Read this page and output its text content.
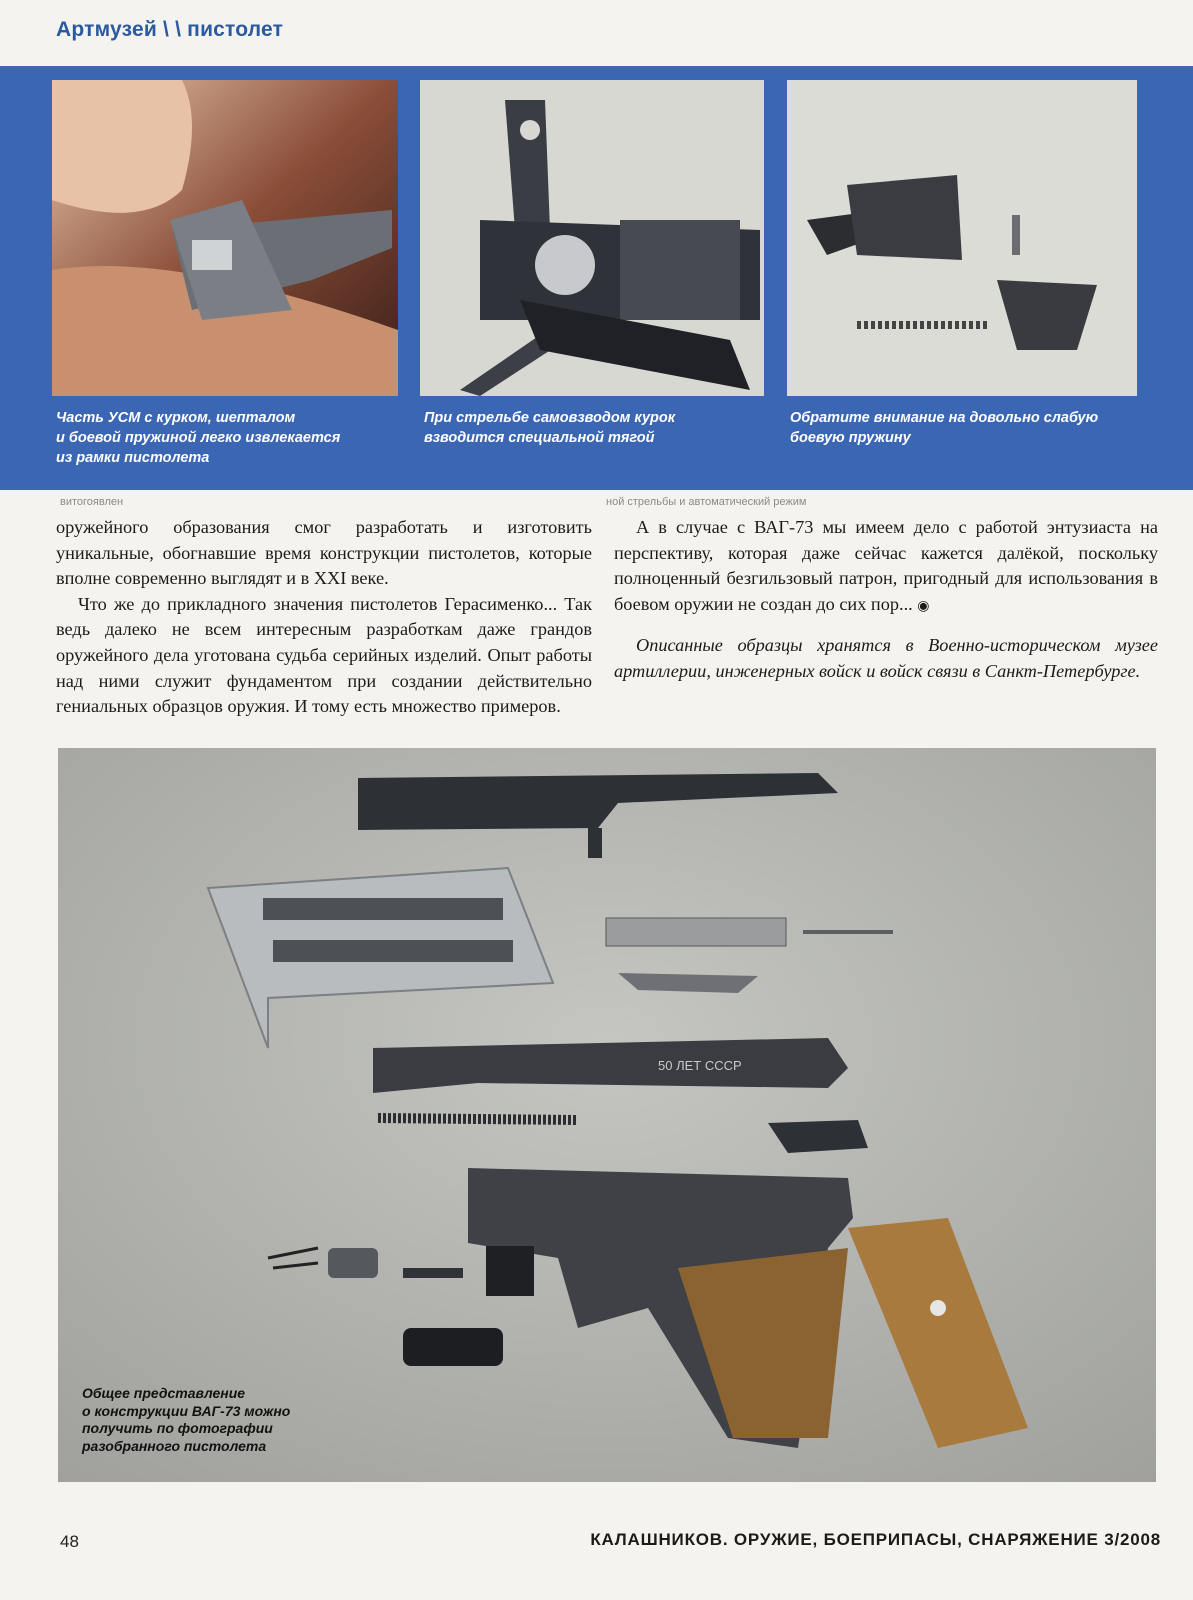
Артмузей \ \ пистолет
Часть УСМ с курком, шепталом
и боевой пружиной легко извлекается
из рамки пистолета
При стрельбе самовзводом курок
взводится специальной тягой
Обратите внимание на довольно слабую
боевую пружину
витогоявлен	ной стрельбы и автоматический режим

оружейного образования смог разработать и изготовить уникальные, обогнавшие время конструкции пистолетов, которые вполне современно выглядят и в XXI веке.

Что же до прикладного значения пистолетов Герасименко... Так ведь далеко не всем интересным разработкам даже грандов оружейного дела уготована судьба серийных изделий. Опыт работы над ними служит фундаментом при создании действительно гениальных образцов оружия. И тому есть множество примеров.

А в случае с ВАГ-73 мы имеем дело с работой энтузиаста на перспективу, которая даже сейчас кажется далёкой, поскольку полноценный безгильзовый патрон, пригодный для использования в боевом оружии не создан до сих пор... ◉

Описанные образцы хранятся в Военно-историческом музее артиллерии, инженерных войск и войск связи в Санкт-Петербурге.

50 ЛЕТ СССР
Общее представление
о конструкции ВАГ-73 можно
получить по фотографии
разобранного пистолета
48	КАЛАШНИКОВ. ОРУЖИЕ, БОЕПРИПАСЫ, СНАРЯЖЕНИЕ 3/2008
